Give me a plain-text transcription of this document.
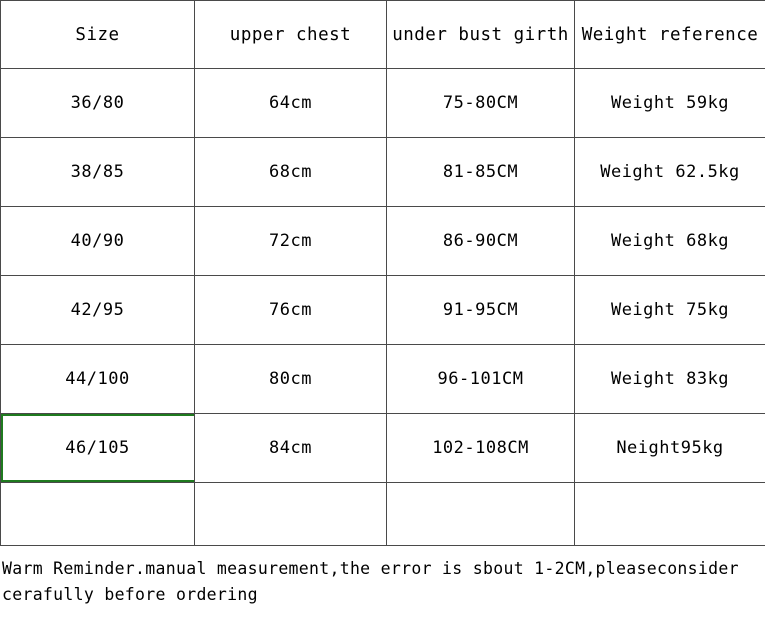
Size	upper chest	under bust girth	Weight reference
36/80	64cm	75-80CM	Weight 59kg
38/85	68cm	81-85CM	Weight 62.5kg
40/90	72cm	86-90CM	Weight 68kg
42/95	76cm	91-95CM	Weight 75kg
44/100	80cm	96-101CM	Weight 83kg
46/105	84cm	102-108CM	Neight95kg

Warm Reminder.manual measurement,the error is sbout 1-2CM,pleaseconsider cerafully before ordering
